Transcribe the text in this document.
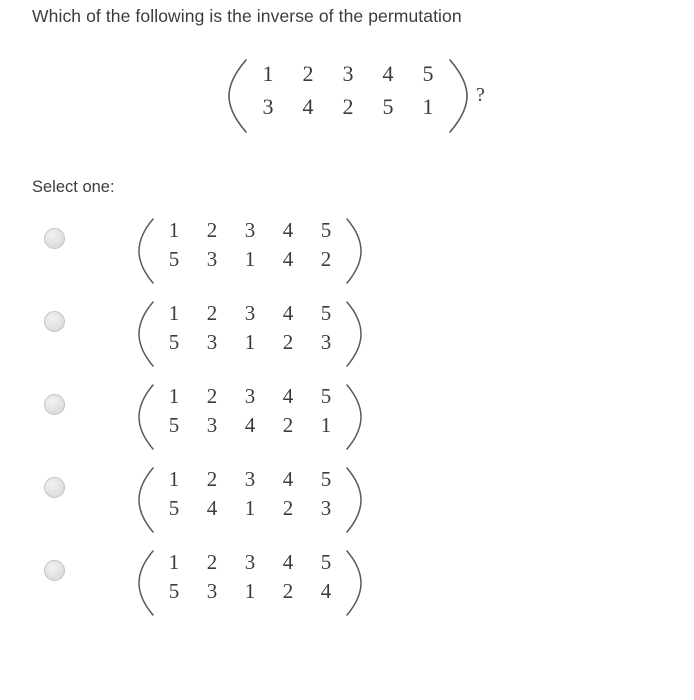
Which of the following is the inverse of the permutation
1	2	3	4	5
3	4	2	5	1	?
Select one:
1	2	3	4	5
5	3	1	4	2
1	2	3	4	5
5	3	1	2	3
1	2	3	4	5
5	3	4	2	1
1	2	3	4	5
5	4	1	2	3
1	2	3	4	5
5	3	1	2	4
